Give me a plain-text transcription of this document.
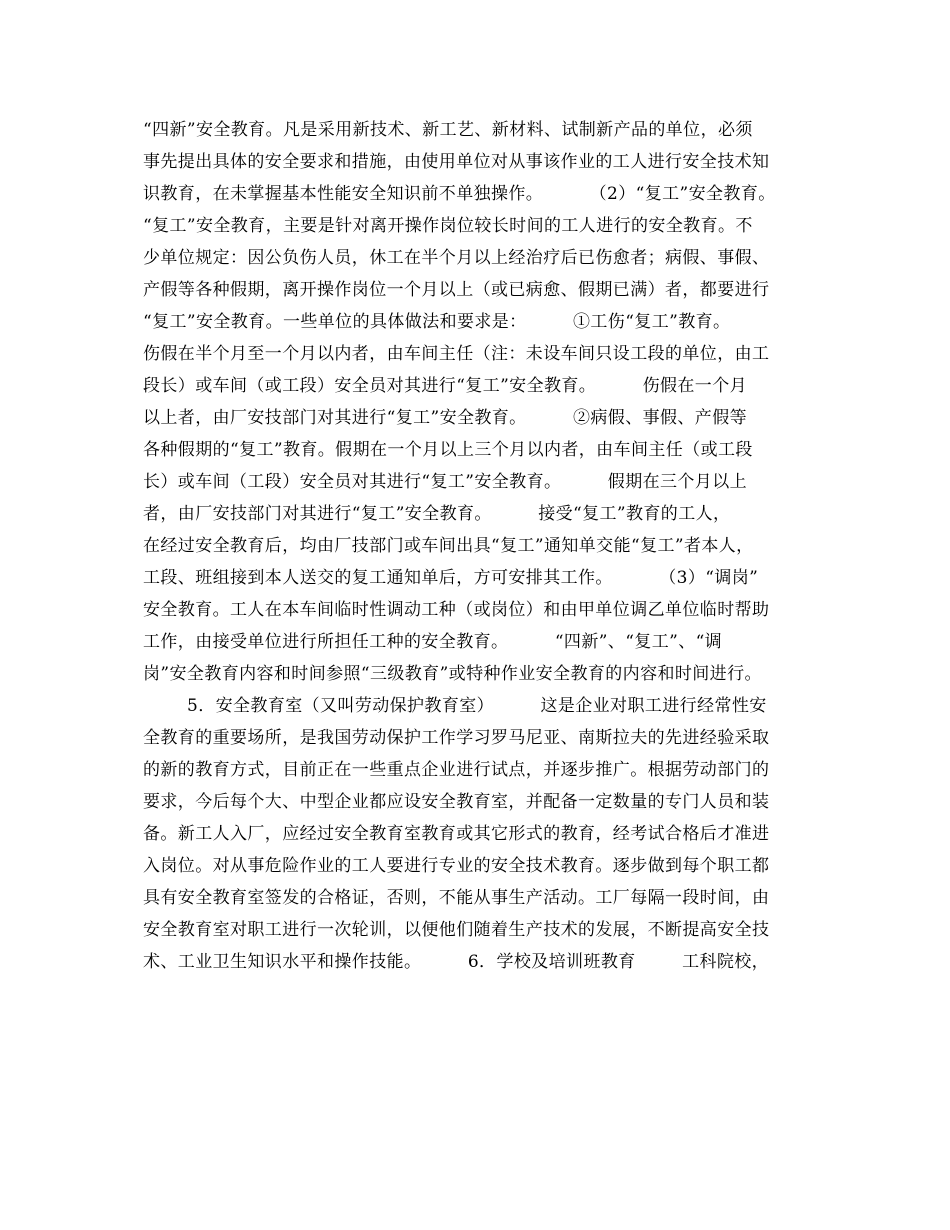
“四新”安全教育。凡是采用新技术、新工艺、新材料、试制新产品的单位，必须
事先提出具体的安全要求和措施，由使用单位对从事该作业的工人进行安全技术知
识教育，在未掌握基本性能安全知识前不单独操作。        （2）“复工”安全教育。
“复工”安全教育，主要是针对离开操作岗位较长时间的工人进行的安全教育。不
少单位规定：因公负伤人员，休工在半个月以上经治疗后已伤愈者；病假、事假、
产假等各种假期，离开操作岗位一个月以上（或已病愈、假期已满）者，都要进行
“复工”安全教育。一些单位的具体做法和要求是：        ①工伤“复工”教育。
伤假在半个月至一个月以内者，由车间主任（注：未设车间只设工段的单位，由工
段长）或车间（或工段）安全员对其进行“复工”安全教育。        伤假在一个月
以上者，由厂安技部门对其进行“复工”安全教育。        ②病假、事假、产假等
各种假期的“复工”教育。假期在一个月以上三个月以内者，由车间主任（或工段
长）或车间（工段）安全员对其进行“复工”安全教育。        假期在三个月以上
者，由厂安技部门对其进行“复工”安全教育。        接受“复工”教育的工人，
在经过安全教育后，均由厂技部门或车间出具“复工”通知单交能“复工”者本人，
工段、班组接到本人送交的复工通知单后，方可安排其工作。        （3）“调岗”
安全教育。工人在本车间临时性调动工种（或岗位）和由甲单位调乙单位临时帮助
工作，由接受单位进行所担任工种的安全教育。        “四新”、“复工”、“调
岗”安全教育内容和时间参照“三级教育”或特种作业安全教育的内容和时间进行。
5．安全教育室（又叫劳动保护教育室）        这是企业对职工进行经常性安
全教育的重要场所，是我国劳动保护工作学习罗马尼亚、南斯拉夫的先进经验采取
的新的教育方式，目前正在一些重点企业进行试点，并逐步推广。根据劳动部门的
要求，今后每个大、中型企业都应设安全教育室，并配备一定数量的专门人员和装
备。新工人入厂，应经过安全教育室教育或其它形式的教育，经考试合格后才准进
入岗位。对从事危险作业的工人要进行专业的安全技术教育。逐步做到每个职工都
具有安全教育室签发的合格证，否则，不能从事生产活动。工厂每隔一段时间，由
安全教育室对职工进行一次轮训，以便他们随着生产技术的发展，不断提高安全技
术、工业卫生知识水平和操作技能。        6．学校及培训班教育        工科院校，
